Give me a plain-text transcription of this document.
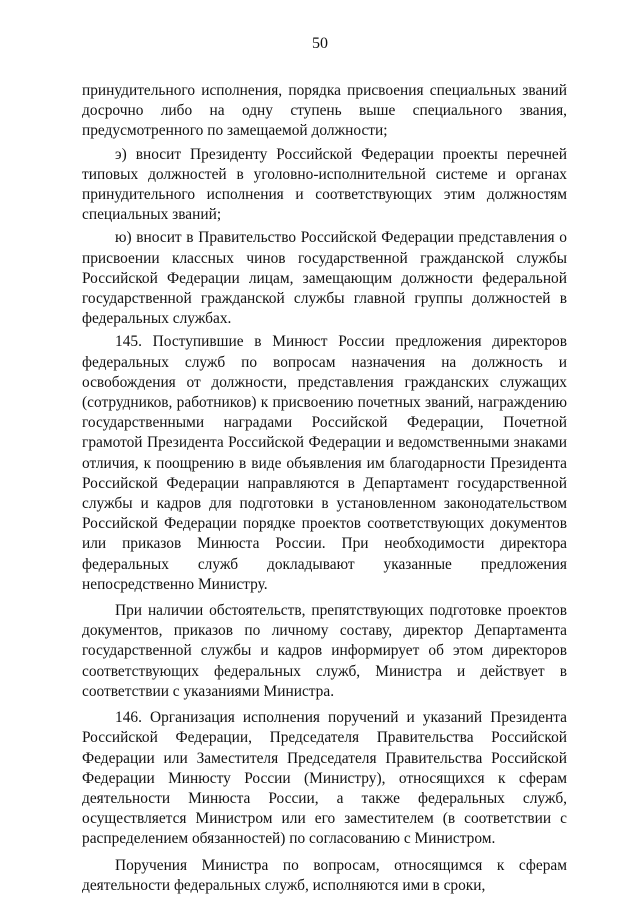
50

принудительного исполнения, порядка присвоения специальных званий досрочно либо на одну ступень выше специального звания, предусмотренного по замещаемой должности;

э) вносит Президенту Российской Федерации проекты перечней типовых должностей в уголовно-исполнительной системе и органах принудительного исполнения и соответствующих этим должностям специальных званий;

ю) вносит в Правительство Российской Федерации представления о присвоении классных чинов государственной гражданской службы Российской Федерации лицам, замещающим должности федеральной государственной гражданской службы главной группы должностей в федеральных службах.

145. Поступившие в Минюст России предложения директоров федеральных служб по вопросам назначения на должность и освобождения от должности, представления гражданских служащих (сотрудников, работников) к присвоению почетных званий, награждению государственными наградами Российской Федерации, Почетной грамотой Президента Российской Федерации и ведомственными знаками отличия, к поощрению в виде объявления им благодарности Президента Российской Федерации направляются в Департамент государственной службы и кадров для подготовки в установленном законодательством Российской Федерации порядке проектов соответствующих документов или приказов Минюста России. При необходимости директора федеральных служб докладывают указанные предложения непосредственно Министру.

При наличии обстоятельств, препятствующих подготовке проектов документов, приказов по личному составу, директор Департамента государственной службы и кадров информирует об этом директоров соответствующих федеральных служб, Министра и действует в соответствии с указаниями Министра.

146. Организация исполнения поручений и указаний Президента Российской Федерации, Председателя Правительства Российской Федерации или Заместителя Председателя Правительства Российской Федерации Минюсту России (Министру), относящихся к сферам деятельности Минюста России, а также федеральных служб, осуществляется Министром или его заместителем (в соответствии с распределением обязанностей) по согласованию с Министром.

Поручения Министра по вопросам, относящимся к сферам деятельности федеральных служб, исполняются ими в сроки,
